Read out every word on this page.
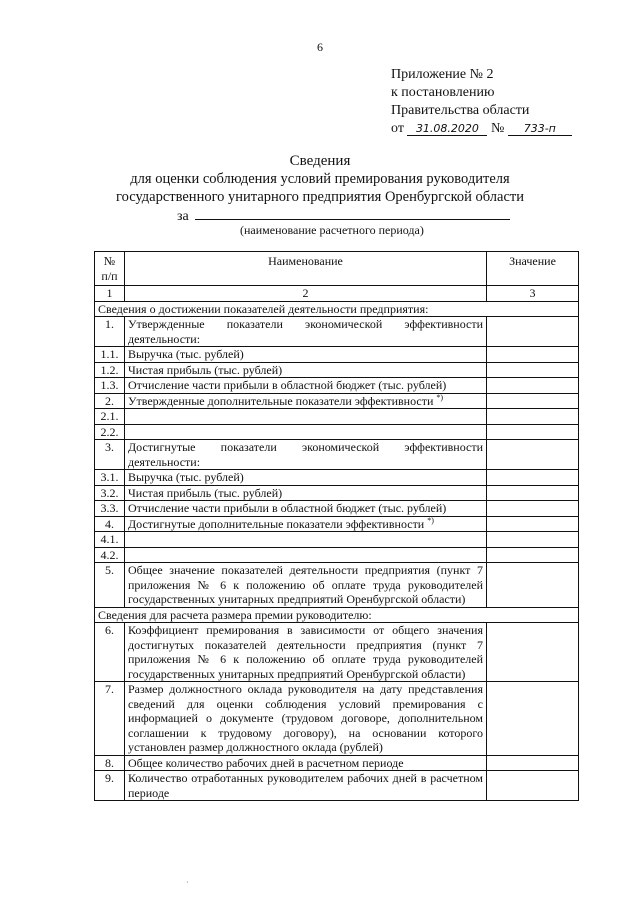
6
Приложение № 2
к постановлению
Правительства области
от 31.08.2020 № 733-п
Сведения
для оценки соблюдения условий премирования руководителя
государственного унитарного предприятия Оренбургской области
за
(наименование расчетного периода)
№ п/п	Наименование	Значение
1	2	3
Сведения о достижении показателей деятельности предприятия:		
1.	Утвержденные показатели экономической эффективности деятельности:	
1.1.	Выручка (тыс. рублей)	
1.2.	Чистая прибыль (тыс. рублей)	
1.3.	Отчисление части прибыли в областной бюджет (тыс. рублей)	
2.	Утвержденные дополнительные показатели эффективности *)	
2.1.		
2.2.		
3.	Достигнутые показатели экономической эффективности деятельности:	
3.1.	Выручка (тыс. рублей)	
3.2.	Чистая прибыль (тыс. рублей)	
3.3.	Отчисление части прибыли в областной бюджет (тыс. рублей)	
4.	Достигнутые дополнительные показатели эффективности *)	
4.1.		
4.2.		
5.	Общее значение показателей деятельности предприятия (пункт 7 приложения № 6 к положению об оплате труда руководителей государственных унитарных предприятий Оренбургской области)	
Сведения для расчета размера премии руководителю:		
6.	Коэффициент премирования в зависимости от общего значения достигнутых показателей деятельности предприятия (пункт 7 приложения № 6 к положению об оплате труда руководителей государственных унитарных предприятий Оренбургской области)	
7.	Размер должностного оклада руководителя на дату представления сведений для оценки соблюдения условий премирования с информацией о документе (трудовом договоре, дополнительном соглашении к трудовому договору), на основании которого установлен размер должностного оклада (рублей)	
8.	Общее количество рабочих дней в расчетном периоде	
9.	Количество отработанных руководителем рабочих дней в расчетном периоде	
·
